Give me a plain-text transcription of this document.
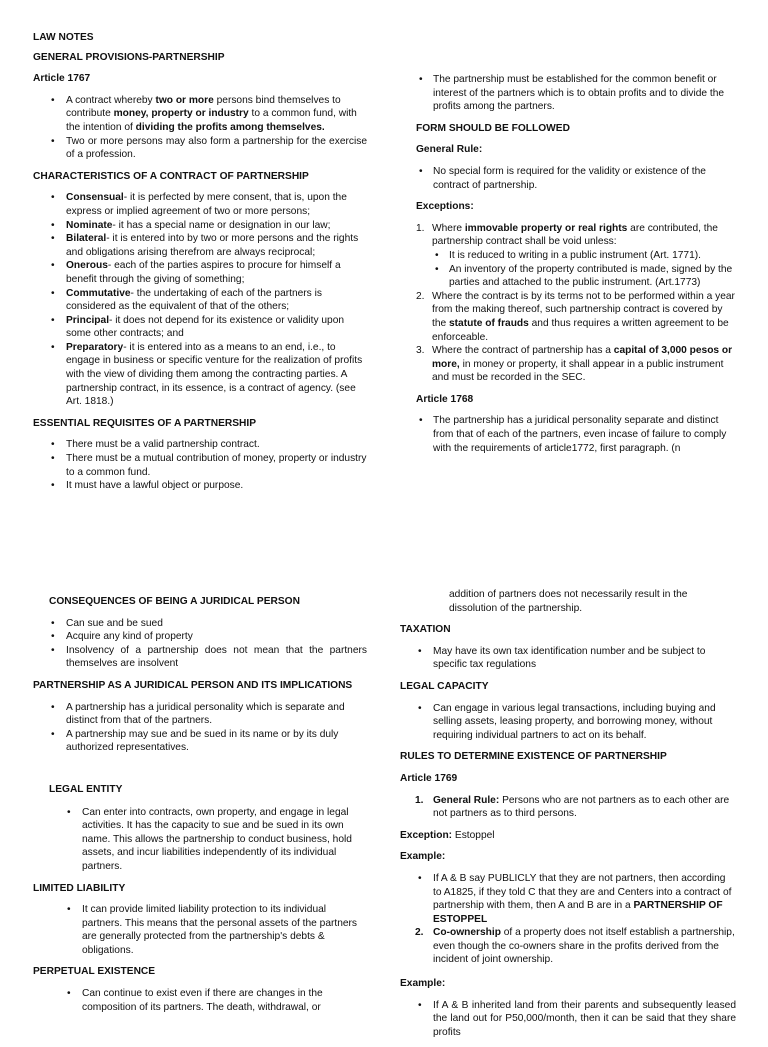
LAW NOTES

GENERAL PROVISIONS-PARTNERSHIP

Article 1767

• A contract whereby two or more persons bind themselves to contribute money, property or industry to a common fund, with the intention of dividing the profits among themselves.
• Two or more persons may also form a partnership for the exercise of a profession.

CHARACTERISTICS OF A CONTRACT OF PARTNERSHIP

• Consensual- it is perfected by mere consent, that is, upon the express or implied agreement of two or more persons;
• Nominate- it has a special name or designation in our law;
• Bilateral- it is entered into by two or more persons and the rights and obligations arising therefrom are always reciprocal;
• Onerous- each of the parties aspires to procure for himself a benefit through the giving of something;
• Commutative- the undertaking of each of the partners is considered as the equivalent of that of the others;
• Principal- it does not depend for its existence or validity upon some other contracts; and
• Preparatory- it is entered into as a means to an end, i.e., to engage in business or specific venture for the realization of profits with the view of dividing them among the contracting parties. A partnership contract, in its essence, is a contract of agency. (see Art. 1818.)

ESSENTIAL REQUISITES OF A PARTNERSHIP

• There must be a valid partnership contract.
• There must be a mutual contribution of money, property or industry to a common fund.
• It must have a lawful object or purpose.
• The partnership must be established for the common benefit or interest of the partners which is to obtain profits and to divide the profits among the partners.

FORM SHOULD BE FOLLOWED

General Rule:

• No special form is required for the validity or existence of the contract of partnership.

Exceptions:

1. Where immovable property or real rights are contributed, the partnership contract shall be void unless:
• It is reduced to writing in a public instrument (Art. 1771).
• An inventory of the property contributed is made, signed by the parties and attached to the public instrument. (Art.1773)
2. Where the contract is by its terms not to be performed within a year from the making thereof, such partnership contract is covered by the statute of frauds and thus requires a written agreement to be enforceable.
3. Where the contract of partnership has a capital of 3,000 pesos or more, in money or property, it shall appear in a public instrument and must be recorded in the SEC.

Article 1768

• The partnership has a juridical personality separate and distinct from that of each of the partners, even incase of failure to comply with the requirements of article1772, first paragraph. (n

CONSEQUENCES OF BEING A JURIDICAL PERSON

• Can sue and be sued
• Acquire any kind of property
• Insolvency of a partnership does not mean that the partners themselves are insolvent

PARTNERSHIP AS A JURIDICAL PERSON AND ITS IMPLICATIONS

• A partnership has a juridical personality which is separate and distinct from that of the partners.
• A partnership may sue and be sued in its name or by its duly authorized representatives.

LEGAL ENTITY

• Can enter into contracts, own property, and engage in legal activities. It has the capacity to sue and be sued in its own name. This allows the partnership to conduct business, hold assets, and incur liabilities independently of its individual partners.

LIMITED LIABILITY

• It can provide limited liability protection to its individual partners. This means that the personal assets of the partners are generally protected from the partnership's debts & obligations.

PERPETUAL EXISTENCE

• Can continue to exist even if there are changes in the composition of its partners. The death, withdrawal, or

addition of partners does not necessarily result in the dissolution of the partnership.

TAXATION

• May have its own tax identification number and be subject to specific tax regulations

LEGAL CAPACITY

• Can engage in various legal transactions, including buying and selling assets, leasing property, and borrowing money, without requiring individual partners to act on its behalf.

RULES TO DETERMINE EXISTENCE OF PARTNERSHIP

Article 1769

1. General Rule: Persons who are not partners as to each other are not partners as to third persons.

Exception: Estoppel

Example:

• If A & B say PUBLICLY that they are not partners, then according to A1825, if they told C that they are and Centers into a contract of partnership with them, then A and B are in a PARTNERSHIP OF ESTOPPEL
2. Co-ownership of a property does not itself establish a partnership, even though the co-owners share in the profits derived from the incident of joint ownership.

Example:

• If A & B inherited land from their parents and subsequently leased the land out for P50,000/month, then it can be said that they share profits
